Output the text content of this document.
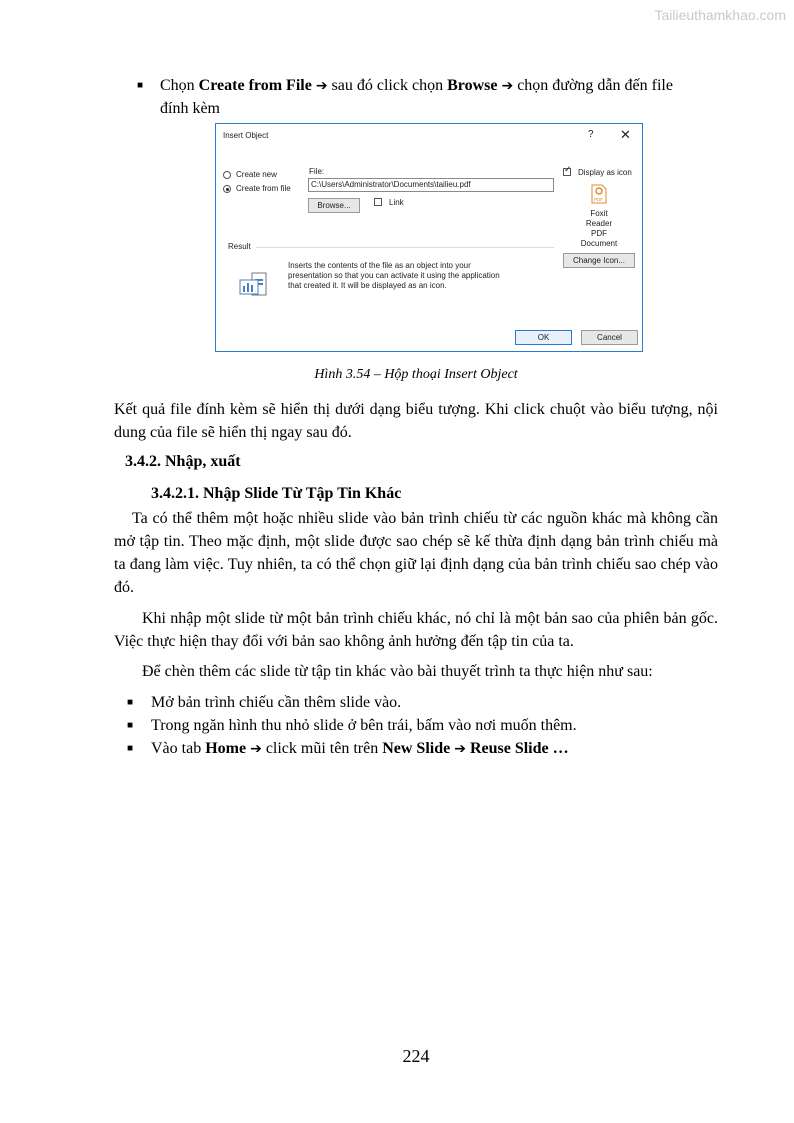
Tailieuthamkhao.com
■ Chọn Create from File ➔ sau đó click chọn Browse ➔ chọn đường dẫn đến file
đính kèm
Insert Object	? ✕
Create new
Create from file
File:
C:\Users\Administrator\Documents\tailieu.pdf
Browse...	Link
✓ Display as icon
PDF
Foxit
Reader
PDF
Document
Change Icon...
Result
Inserts the contents of the file as an object into your
presentation so that you can activate it using the application
that created it. It will be displayed as an icon.
OK	Cancel
Hình 3.54 – Hộp thoại Insert Object
Kết quả file đính kèm sẽ hiển thị dưới dạng biểu tượng. Khi click chuột vào biểu tượng, nội dung của file sẽ hiển thị ngay sau đó.
3.4.2. Nhập, xuất
3.4.2.1. Nhập Slide Từ Tập Tin Khác
Ta có thể thêm một hoặc nhiều slide vào bản trình chiếu từ các nguồn khác mà không cần mở tập tin. Theo mặc định, một slide được sao chép sẽ kế thừa định dạng bản trình chiếu mà ta đang làm việc. Tuy nhiên, ta có thể chọn giữ lại định dạng của bản trình chiếu sao chép vào đó.
Khi nhập một slide từ một bản trình chiếu khác, nó chỉ là một bản sao của phiên bản gốc. Việc thực hiện thay đổi với bản sao không ảnh hưởng đến tập tin của ta.
Để chèn thêm các slide từ tập tin khác vào bài thuyết trình ta thực hiện như sau:
■ Mở bản trình chiếu cần thêm slide vào.
■ Trong ngăn hình thu nhỏ slide ở bên trái, bấm vào nơi muốn thêm.
■ Vào tab Home ➔ click mũi tên trên New Slide ➔ Reuse Slide …
224
